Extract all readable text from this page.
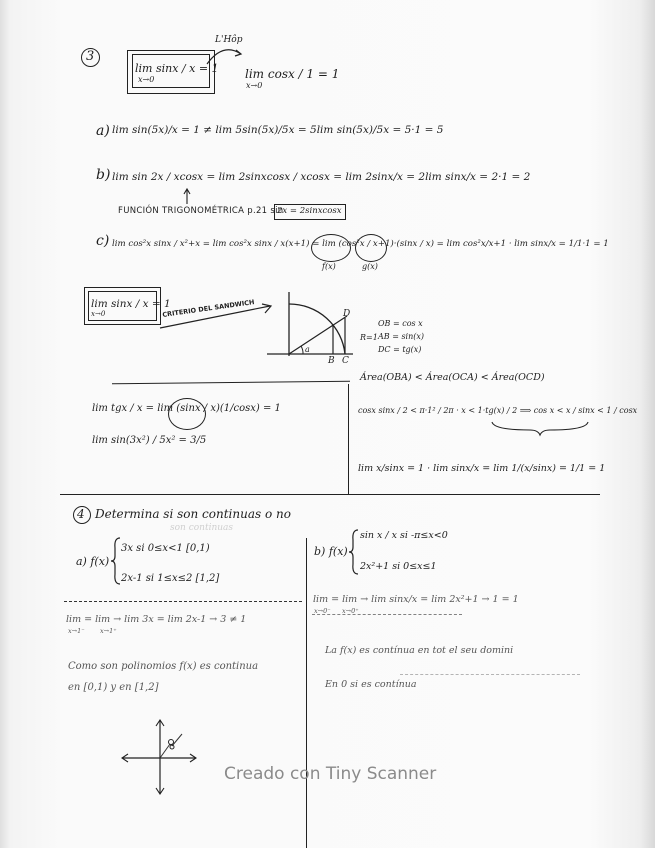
3
lim sinx / x = 1
x→0
L'Hôp
lim cosx / 1 = 1
x→0
a) lim sin(5x)/x = 1 ≠ lim 5sin(5x)/5x = 5lim sin(5x)/5x = 5·1 = 5
b) lim sin 2x / xcosx = lim 2sinxcosx / xcosx = lim 2sinx/x = 2lim sinx/x = 2·1 = 2
FUNCIÓN TRIGONOMÉTRICA p.21 sin
2x = 2sinxcosx
c) lim cos²x sinx / x²+x = lim cos²x sinx / x(x+1) = lim (cos²x / x+1)·(sinx / x) = lim cos²x/x+1 · lim sinx/x = 1/1·1 = 1
f(x)	g(x)
lim sinx / x = 1
x→0	CRITERIO DEL SANDWICH	D
B C
a
OB = cos x
AB = sin(x)
DC = tg(x)
R=1
Área(OBA) < Área(OCA) < Área(OCD)
cosx sinx / 2 < π·1² / 2π · x < 1·tg(x) / 2 ⟹ cos x < x / sinx < 1 / cosx
lim x/sinx = 1 · lim sinx/x = lim 1/(x/sinx) = 1/1 = 1
lim tgx / x = lim (sinx / x)(1/cosx) = 1
lim sin(3x²) / 5x² = 3/5
4 Determina si son continuas o no
son continuas
a) f(x)
3x si 0≤x<1 [0,1)
2x-1 si 1≤x≤2 [1,2]
lim = lim → lim 3x = lim 2x-1 → 3 ≠ 1
x→1⁻ x→1⁺
Como son polinomios f(x) es continua
en [0,1) y en [1,2]
b) f(x)
sin x / x si -π≤x<0
2x²+1 si 0≤x≤1
lim = lim → lim sinx/x = lim 2x²+1 → 1 = 1
x→0⁻ x→0⁺
La f(x) es contínua en tot el seu domini
En 0 si es contínua
Creado con Tiny Scanner
